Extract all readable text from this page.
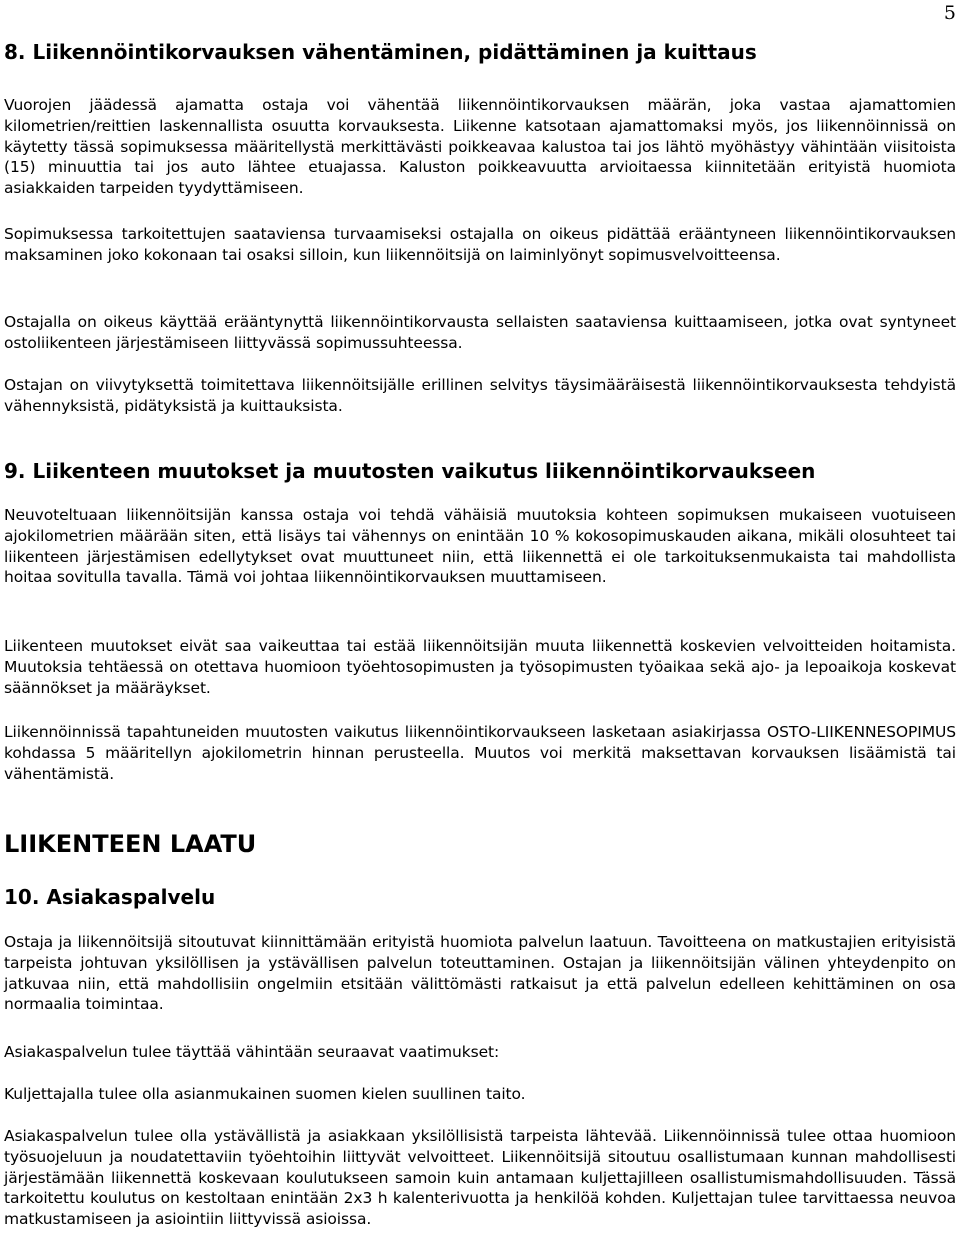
5
8. Liikennöintikorvauksen vähentäminen, pidättäminen ja kuittaus

Vuorojen jäädessä ajamatta ostaja voi vähentää liikennöintikorvauksen määrän, joka vastaa ajamattomien kilometrien/reittien laskennallista osuutta korvauksesta. Liikenne katsotaan ajamattomaksi myös, jos liikennöinnissä on käytetty tässä sopimuksessa määritellystä merkittävästi poikkeavaa kalustoa tai jos lähtö myöhästyy vähintään viisitoista (15) minuuttia tai jos auto lähtee etuajassa. Kaluston poikkeavuutta arvioitaessa kiinnitetään erityistä huomiota asiakkaiden tarpeiden tyydyttämiseen.

Sopimuksessa tarkoitettujen saataviensa turvaamiseksi ostajalla on oikeus pidättää erääntyneen liikennöintikorvauksen maksaminen joko kokonaan tai osaksi silloin, kun liikennöitsijä on laiminlyönyt sopimusvelvoitteensa.

Ostajalla on oikeus käyttää erääntynyttä liikennöintikorvausta sellaisten saataviensa kuittaamiseen, jotka ovat syntyneet ostoliikenteen järjestämiseen liittyvässä sopimussuhteessa.

Ostajan on viivytyksettä toimitettava liikennöitsijälle erillinen selvitys täysimääräisestä liikennöintikorvauksesta tehdyistä vähennyksistä, pidätyksistä ja kuittauksista.

9. Liikenteen muutokset ja muutosten vaikutus liikennöintikorvaukseen

Neuvoteltuaan liikennöitsijän kanssa ostaja voi tehdä vähäisiä muutoksia kohteen sopimuksen mukaiseen vuotuiseen ajokilometrien määrään siten, että lisäys tai vähennys on enintään 10 % kokosopimuskauden aikana, mikäli olosuhteet tai liikenteen järjestämisen edellytykset ovat muuttuneet niin, että liikennettä ei ole tarkoituksenmukaista tai mahdollista hoitaa sovitulla tavalla. Tämä voi johtaa liikennöintikorvauksen muuttamiseen.

Liikenteen muutokset eivät saa vaikeuttaa tai estää liikennöitsijän muuta liikennettä koskevien velvoitteiden hoitamista. Muutoksia tehtäessä on otettava huomioon työehtosopimusten ja työsopimusten työaikaa sekä ajo- ja lepoaikoja koskevat säännökset ja määräykset.

Liikennöinnissä tapahtuneiden muutosten vaikutus liikennöintikorvaukseen lasketaan asiakirjassa OSTO-LIIKENNESOPIMUS kohdassa 5 määritellyn ajokilometrin hinnan perusteella. Muutos voi merkitä maksettavan korvauksen lisäämistä tai vähentämistä.

LIIKENTEEN LAATU
10. Asiakaspalvelu

Ostaja ja liikennöitsijä sitoutuvat kiinnittämään erityistä huomiota palvelun laatuun. Tavoitteena on matkustajien erityisistä tarpeista johtuvan yksilöllisen ja ystävällisen palvelun toteuttaminen. Ostajan ja liikennöitsijän välinen yhteydenpito on jatkuvaa niin, että mahdollisiin ongelmiin etsitään välittömästi ratkaisut ja että palvelun edelleen kehittäminen on osa normaalia toimintaa.

Asiakaspalvelun tulee täyttää vähintään seuraavat vaatimukset:

Kuljettajalla tulee olla asianmukainen suomen kielen suullinen taito.

Asiakaspalvelun tulee olla ystävällistä ja asiakkaan yksilöllisistä tarpeista lähtevää. Liikennöinnissä tulee ottaa huomioon työsuojeluun ja noudatettaviin työehtoihin liittyvät velvoitteet. Liikennöitsijä sitoutuu osallistumaan kunnan mahdollisesti järjestämään liikennettä koskevaan koulutukseen samoin kuin antamaan kuljettajilleen osallistumismahdollisuuden. Tässä tarkoitettu koulutus on kestoltaan enintään 2x3 h kalenterivuotta ja henkilöä kohden. Kuljettajan tulee tarvittaessa neuvoa matkustamiseen ja asiointiin liittyvissä asioissa.
